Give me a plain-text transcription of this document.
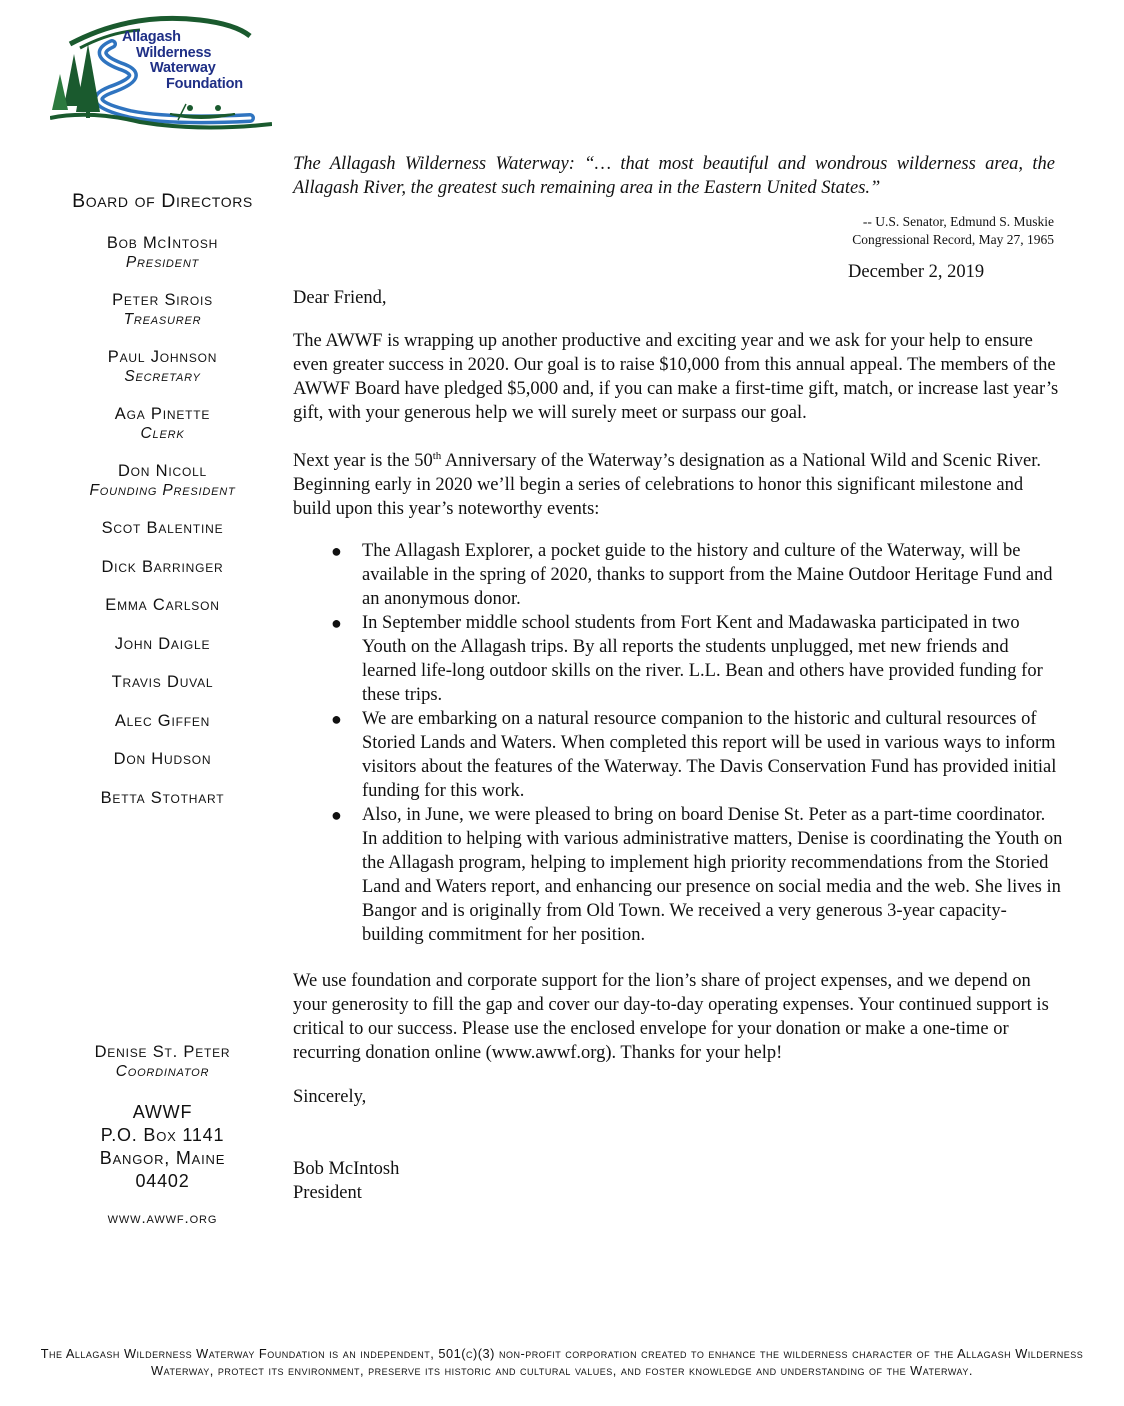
Allagash
Wilderness
Waterway
Foundation
Board of Directors
Bob McIntosh
President
Peter Sirois
Treasurer
Paul Johnson
Secretary
Aga Pinette
Clerk
Don Nicoll
Founding President
Scot Balentine
Dick Barringer
Emma Carlson
John Daigle
Travis Duval
Alec Giffen
Don Hudson
Betta Stothart
Denise St. Peter
Coordinator
AWWF
P.O. Box 1141
Bangor, Maine
04402
www.awwf.org
The Allagash Wilderness Waterway: “… that most beautiful and wondrous wilderness area, the Allagash River, the greatest such remaining area in the Eastern United States.”
-- U.S. Senator, Edmund S. Muskie
Congressional Record, May 27, 1965
December 2, 2019

Dear Friend,

The AWWF is wrapping up another productive and exciting year and we ask for your help to ensure even greater success in 2020. Our goal is to raise $10,000 from this annual appeal. The members of the AWWF Board have pledged $5,000 and, if you can make a first-time gift, match, or increase last year’s gift, with your generous help we will surely meet or surpass our goal.

Next year is the 50th Anniversary of the Waterway’s designation as a National Wild and Scenic River. Beginning early in 2020 we’ll begin a series of celebrations to honor this significant milestone and build upon this year’s noteworthy events:

● The Allagash Explorer, a pocket guide to the history and culture of the Waterway, will be available in the spring of 2020, thanks to support from the Maine Outdoor Heritage Fund and an anonymous donor.
● In September middle school students from Fort Kent and Madawaska participated in two Youth on the Allagash trips. By all reports the students unplugged, met new friends and learned life-long outdoor skills on the river. L.L. Bean and others have provided funding for these trips.
● We are embarking on a natural resource companion to the historic and cultural resources of Storied Lands and Waters. When completed this report will be used in various ways to inform visitors about the features of the Waterway. The Davis Conservation Fund has provided initial funding for this work.
● Also, in June, we were pleased to bring on board Denise St. Peter as a part-time coordinator. In addition to helping with various administrative matters, Denise is coordinating the Youth on the Allagash program, helping to implement high priority recommendations from the Storied Land and Waters report, and enhancing our presence on social media and the web. She lives in Bangor and is originally from Old Town. We received a very generous 3-year capacity-building commitment for her position.

We use foundation and corporate support for the lion’s share of project expenses, and we depend on your generosity to fill the gap and cover our day-to-day operating expenses. Your continued support is critical to our success. Please use the enclosed envelope for your donation or make a one-time or recurring donation online (www.awwf.org). Thanks for your help!

Sincerely,

Bob McIntosh

President

The Allagash Wilderness Waterway Foundation is an independent, 501(c)(3) non-profit corporation created to enhance the wilderness character of the Allagash Wilderness Waterway, protect its environment, preserve its historic and cultural values, and foster knowledge and understanding of the Waterway.
